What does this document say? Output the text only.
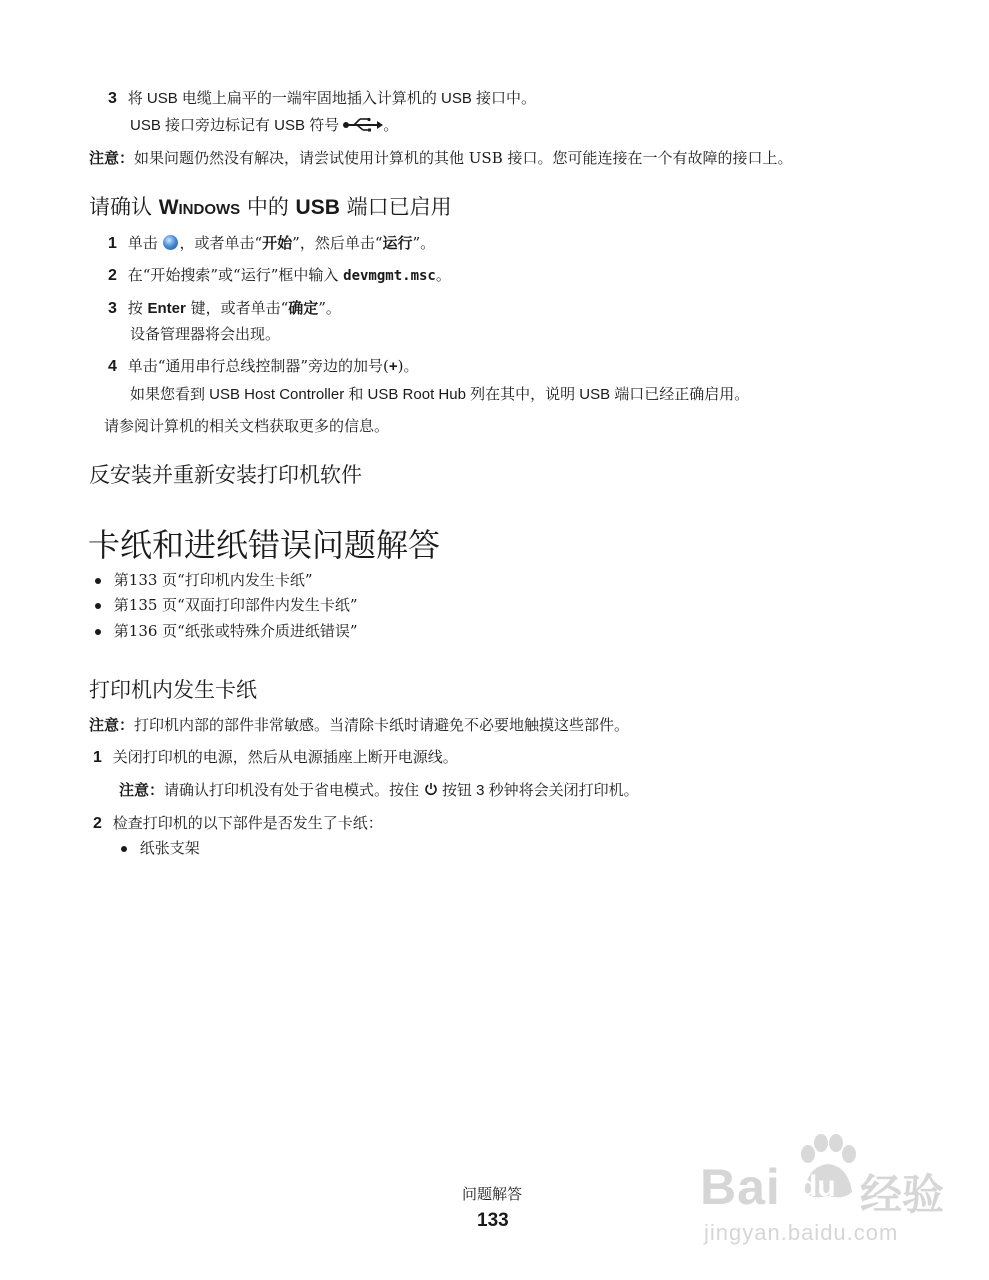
3 将 USB 电缆上扁平的一端牢固地插入计算机的 USB 接口中。
USB 接口旁边标记有 USB 符号	。
注意：如果问题仍然没有解决，请尝试使用计算机的其他 USB 接口。您可能连接在一个有故障的接口上。
请确认 WINDOWS 中的 USB 端口已启用
1 单击 ，或者单击“开始”，然后单击“运行”。
2 在“开始搜索”或“运行”框中输入 devmgmt.msc。
3 按 Enter 键，或者单击“确定”。
设备管理器将会出现。
4 单击“通用串行总线控制器”旁边的加号(+)。
如果您看到 USB Host Controller 和 USB Root Hub 列在其中，说明 USB 端口已经正确启用。
请参阅计算机的相关文档获取更多的信息。
反安装并重新安装打印机软件
卡纸和进纸错误问题解答
第133 页“打印机内发生卡纸”
第135 页“双面打印部件内发生卡纸”
第136 页“纸张或特殊介质进纸错误”
打印机内发生卡纸
注意：打印机内部的部件非常敏感。当清除卡纸时请避免不必要地触摸这些部件。
1 关闭打印机的电源，然后从电源插座上断开电源线。
注意：请确认打印机没有处于省电模式。按住  按钮 3 秒钟将会关闭打印机。
2 检查打印机的以下部件是否发生了卡纸：
纸张支架
问题解答
133
Bai du 经验
jingyan.baidu.com
